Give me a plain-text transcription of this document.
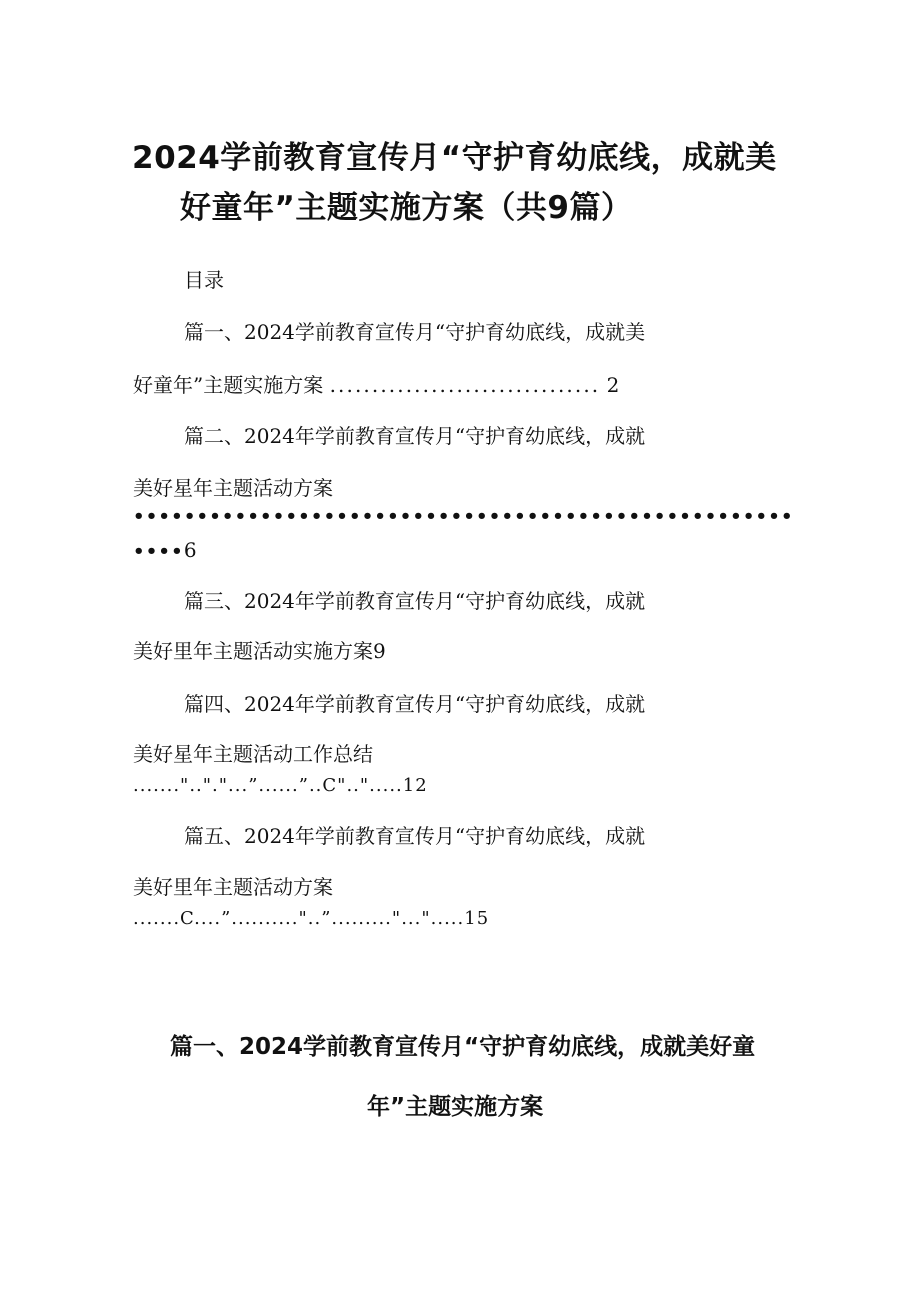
2024学前教育宣传月“守护育幼底线，成就美
好童年”主题实施方案（共9篇）
目录
篇一、2024学前教育宣传月“守护育幼底线，成就美
好童年”主题实施方案 ................................ 2
篇二、2024年学前教育宣传月“守护育幼底线，成就
美好星年主题活动方案
••••••••••••••••••••••••••••••••••••••••••••••••••••
••••6
篇三、2024年学前教育宣传月“守护育幼底线，成就
美好里年主题活动实施方案9
篇四、2024年学前教育宣传月“守护育幼底线，成就
美好星年主题活动工作总结
.......".."."...”......”..C"..".....12
篇五、2024年学前教育宣传月“守护育幼底线，成就
美好里年主题活动方案
.......C....”.........."..”........."...".....15
篇一、2024学前教育宣传月“守护育幼底线，成就美好童
年”主题实施方案
